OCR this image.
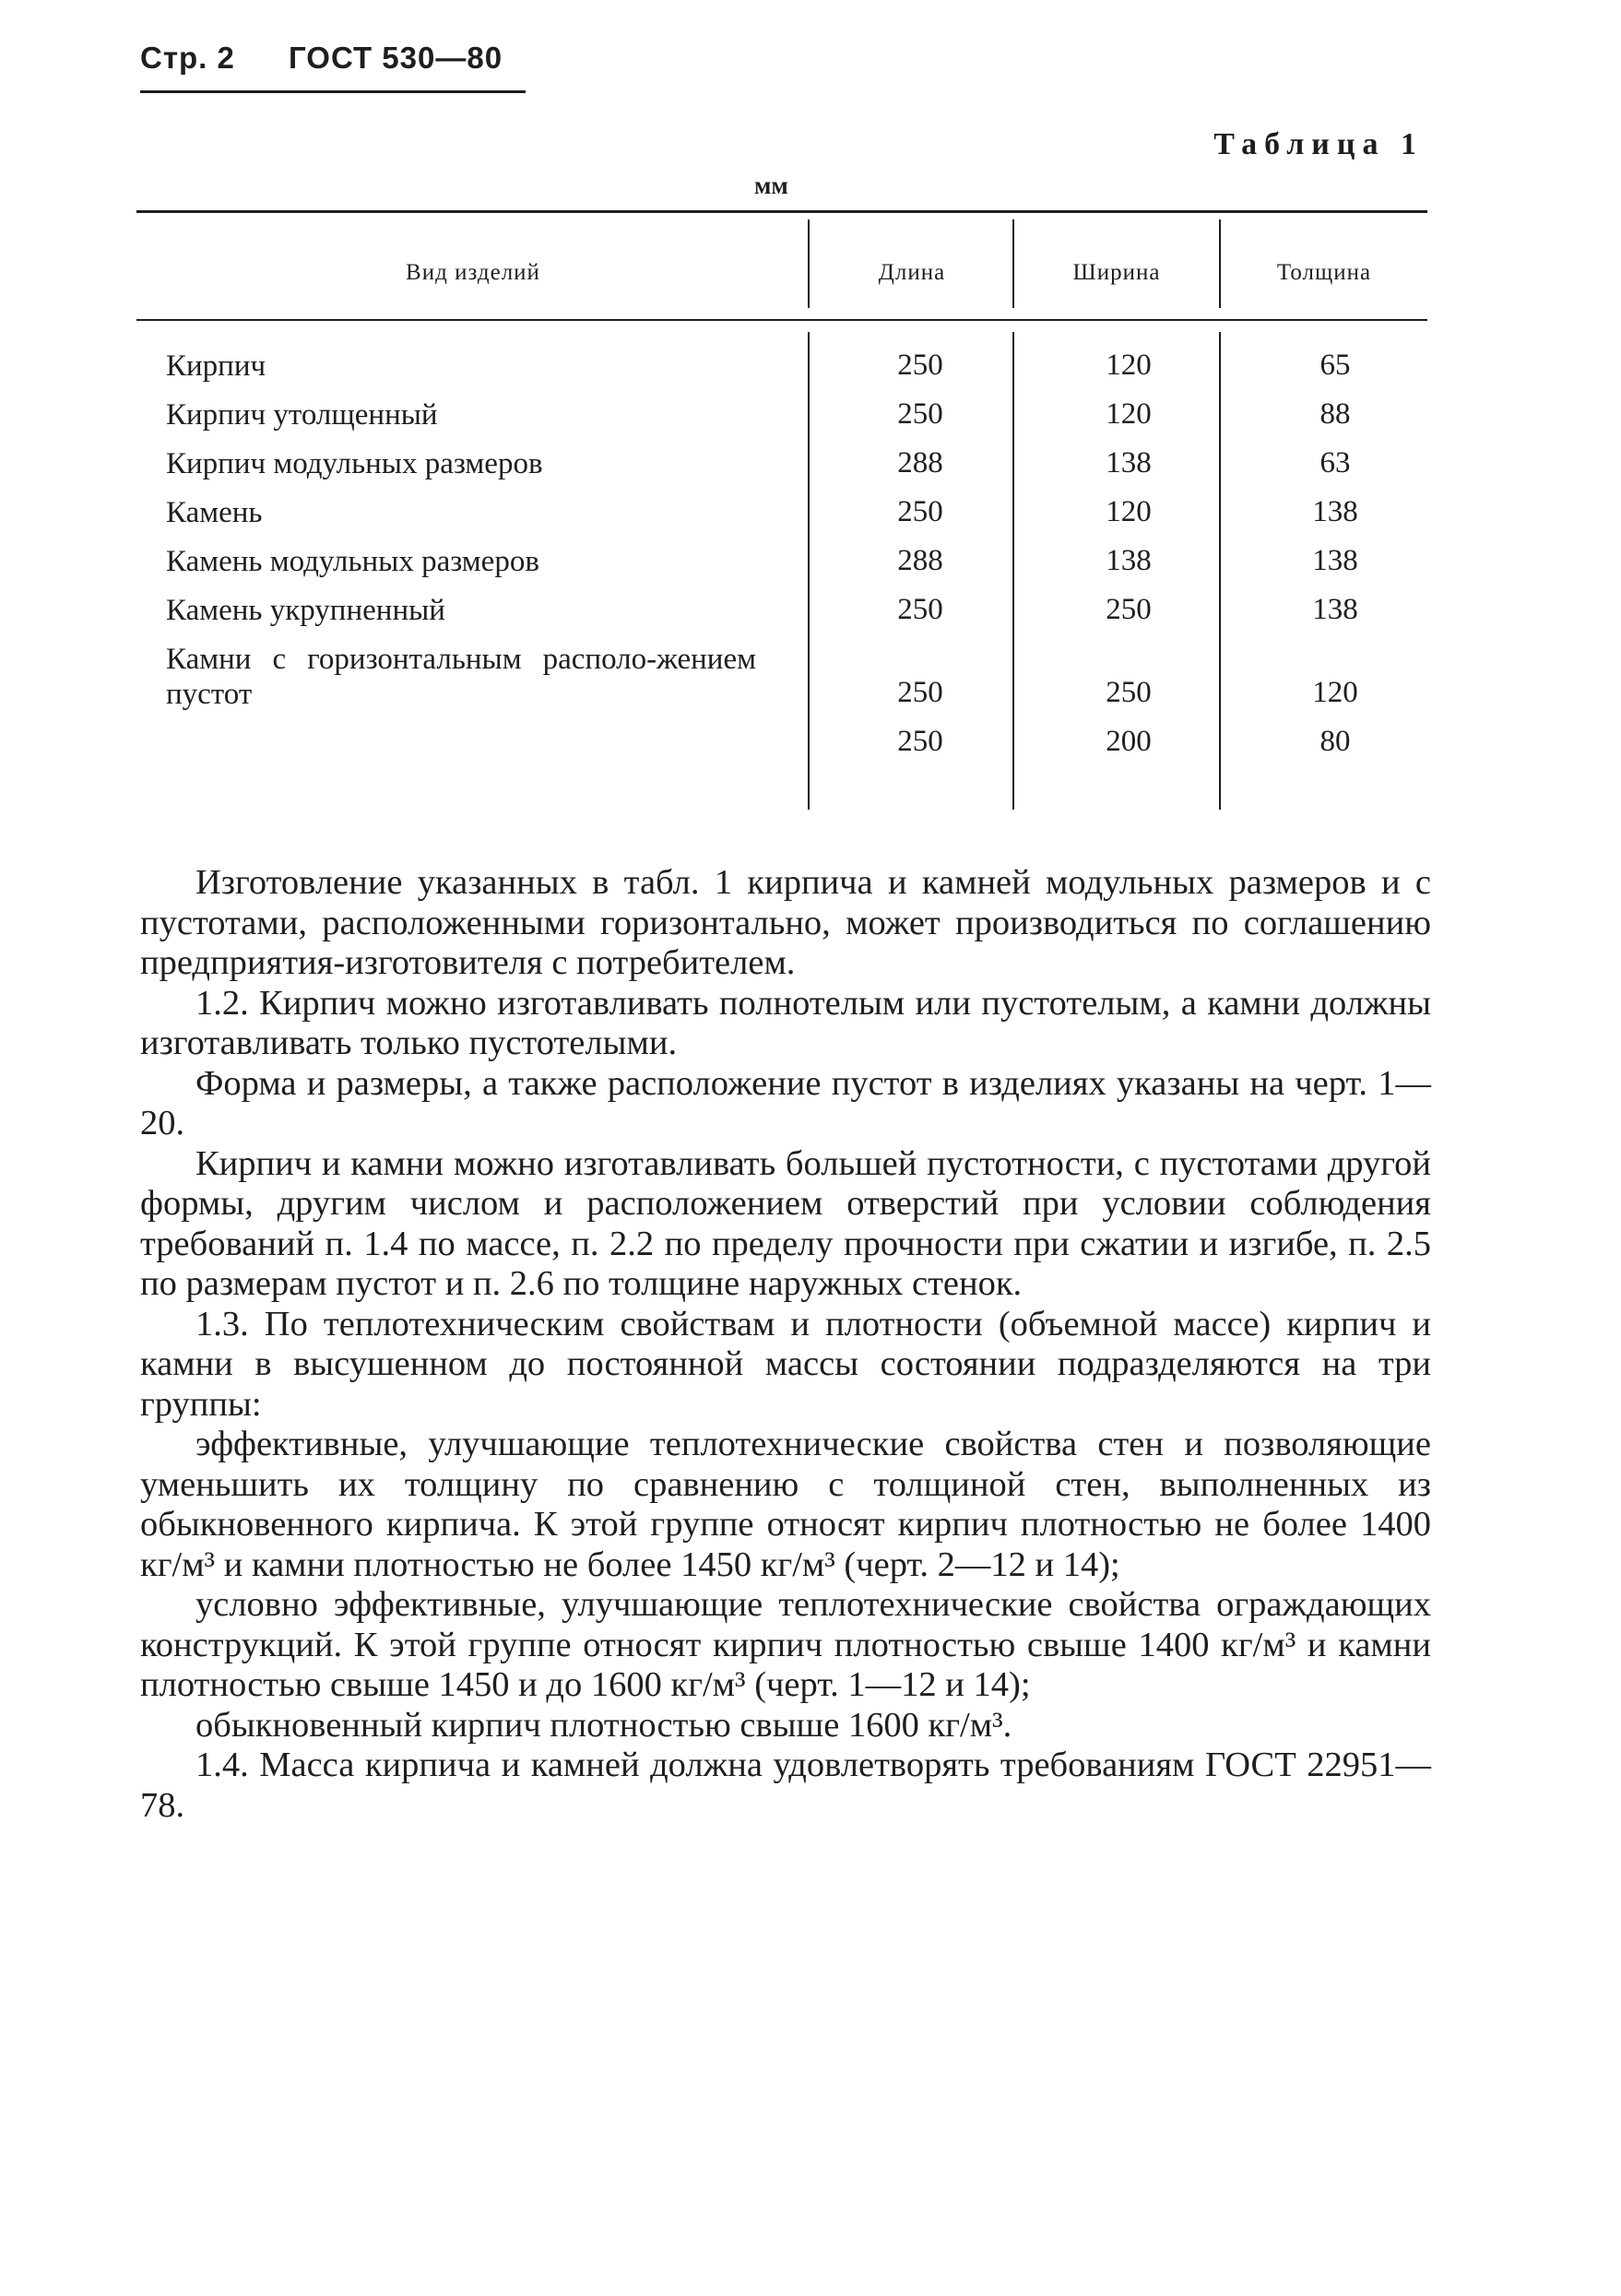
Стр. 2 ГОСТ 530—80
Таблица 1
мм
Вид изделий	Длина	Ширина	Толщина
Кирпич	250	120	65
Кирпич утолщенный	250	120	88
Кирпич модульных размеров	288	138	63
Камень	250	120	138
Камень модульных размеров	288	138	138
Камень укрупненный	250	250	138
Камни с горизонтальным располо-жением пустот	250	250	120
250	200	80

Изготовление указанных в табл. 1 кирпича и камней модульных размеров и с пустотами, расположенными горизонтально, может производиться по соглашению предприятия-изготовителя с потребителем.

1.2. Кирпич можно изготавливать полнотелым или пустотелым, а камни должны изготавливать только пустотелыми.

Форма и размеры, а также расположение пустот в изделиях указаны на черт. 1—20.

Кирпич и камни можно изготавливать большей пустотности, с пустотами другой формы, другим числом и расположением отверстий при условии соблюдения требований п. 1.4 по массе, п. 2.2 по пределу прочности при сжатии и изгибе, п. 2.5 по размерам пустот и п. 2.6 по толщине наружных стенок.

1.3. По теплотехническим свойствам и плотности (объемной массе) кирпич и камни в высушенном до постоянной массы состоянии подразделяются на три группы:

эффективные, улучшающие теплотехнические свойства стен и позволяющие уменьшить их толщину по сравнению с толщиной стен, выполненных из обыкновенного кирпича. К этой группе относят кирпич плотностью не более 1400 кг/м³ и камни плотностью не более 1450 кг/м³ (черт. 2—12 и 14);

условно эффективные, улучшающие теплотехнические свойства ограждающих конструкций. К этой группе относят кирпич плотностью свыше 1400 кг/м³ и камни плотностью свыше 1450 и до 1600 кг/м³ (черт. 1—12 и 14);

обыкновенный кирпич плотностью свыше 1600 кг/м³.

1.4. Масса кирпича и камней должна удовлетворять требованиям ГОСТ 22951—78.
